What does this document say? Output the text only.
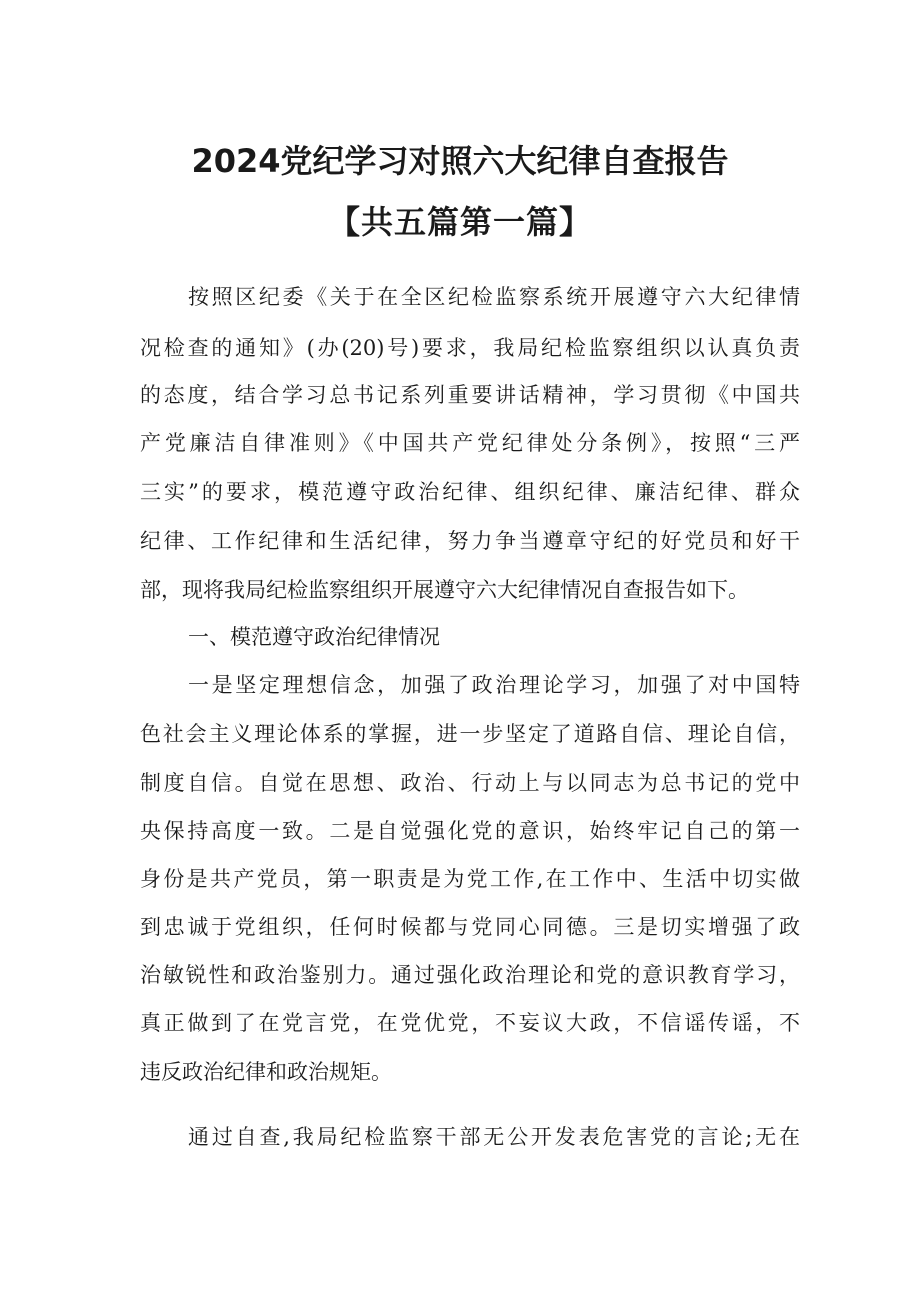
2024党纪学习对照六大纪律自查报告
【共五篇第一篇】

按照区纪委《关于在全区纪检监察系统开展遵守六大纪律情

况检查的通知》(办(20)号)要求，我局纪检监察组织以认真负责

的态度，结合学习总书记系列重要讲话精神，学习贯彻《中国共

产党廉洁自律准则》《中国共产党纪律处分条例》，按照“三严

三实”的要求，模范遵守政治纪律、组织纪律、廉洁纪律、群众

纪律、工作纪律和生活纪律，努力争当遵章守纪的好党员和好干

部，现将我局纪检监察组织开展遵守六大纪律情况自查报告如下。

一、模范遵守政治纪律情况

一是坚定理想信念，加强了政治理论学习，加强了对中国特

色社会主义理论体系的掌握，进一步坚定了道路自信、理论自信，

制度自信。自觉在思想、政治、行动上与以同志为总书记的党中

央保持高度一致。二是自觉强化党的意识，始终牢记自己的第一

身份是共产党员，第一职责是为党工作,在工作中、生活中切实做

到忠诚于党组织，任何时候都与党同心同德。三是切实增强了政

治敏锐性和政治鉴别力。通过强化政治理论和党的意识教育学习，

真正做到了在党言党，在党优党，不妄议大政，不信谣传谣，不

违反政治纪律和政治规矩。

通过自查,我局纪检监察干部无公开发表危害党的言论;无在
